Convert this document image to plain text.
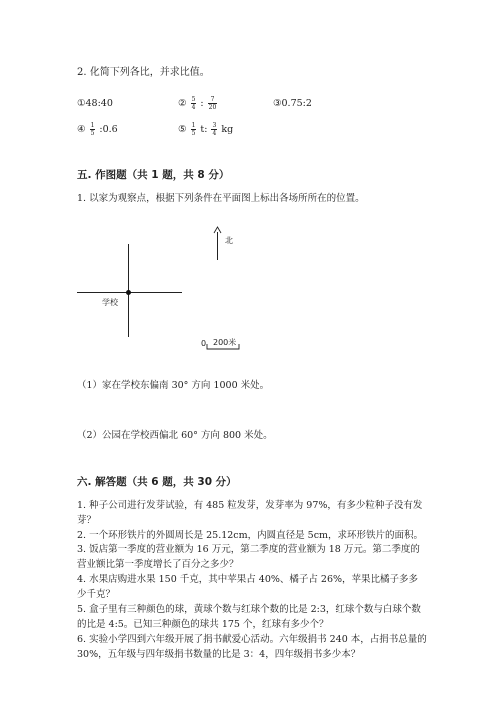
2. 化简下列各比，并求比值。
①48:40	② $\frac{5}{4}$ : $\frac{7}{20}$	③0.75:2
④ $\frac{1}{5}$ :0.6	⑤ $\frac{1}{5} t$: $\frac{3}{4}$ kg
五. 作图题（共 1 题，共 8 分）
1. 以家为观察点，根据下列条件在平面图上标出各场所所在的位置。
北
学校
0 200米
（1）家在学校东偏南 30° 方向 1000 米处。
（2）公园在学校西偏北 60° 方向 800 米处。
六. 解答题（共 6 题，共 30 分）
1. 种子公司进行发芽试验，有 485 粒发芽，发芽率为 97%，有多少粒种子没有发芽？
2. 一个环形铁片的外圆周长是 25.12cm，内圆直径是 5cm，求环形铁片的面积。
3. 饭店第一季度的营业额为 16 万元，第二季度的营业额为 18 万元。第二季度的营业额比第一季度增长了百分之多少？
4. 水果店购进水果 150 千克，其中苹果占 40%、橘子占 26%，苹果比橘子多多少千克？
5. 盒子里有三种颜色的球，黄球个数与红球个数的比是 2:3，红球个数与白球个数的比是 4:5。已知三种颜色的球共 175 个，红球有多少个？
6. 实验小学四到六年级开展了捐书献爱心活动。六年级捐书 240 本，占捐书总量的 30%，五年级与四年级捐书数量的比是 3：4，四年级捐书多少本？
